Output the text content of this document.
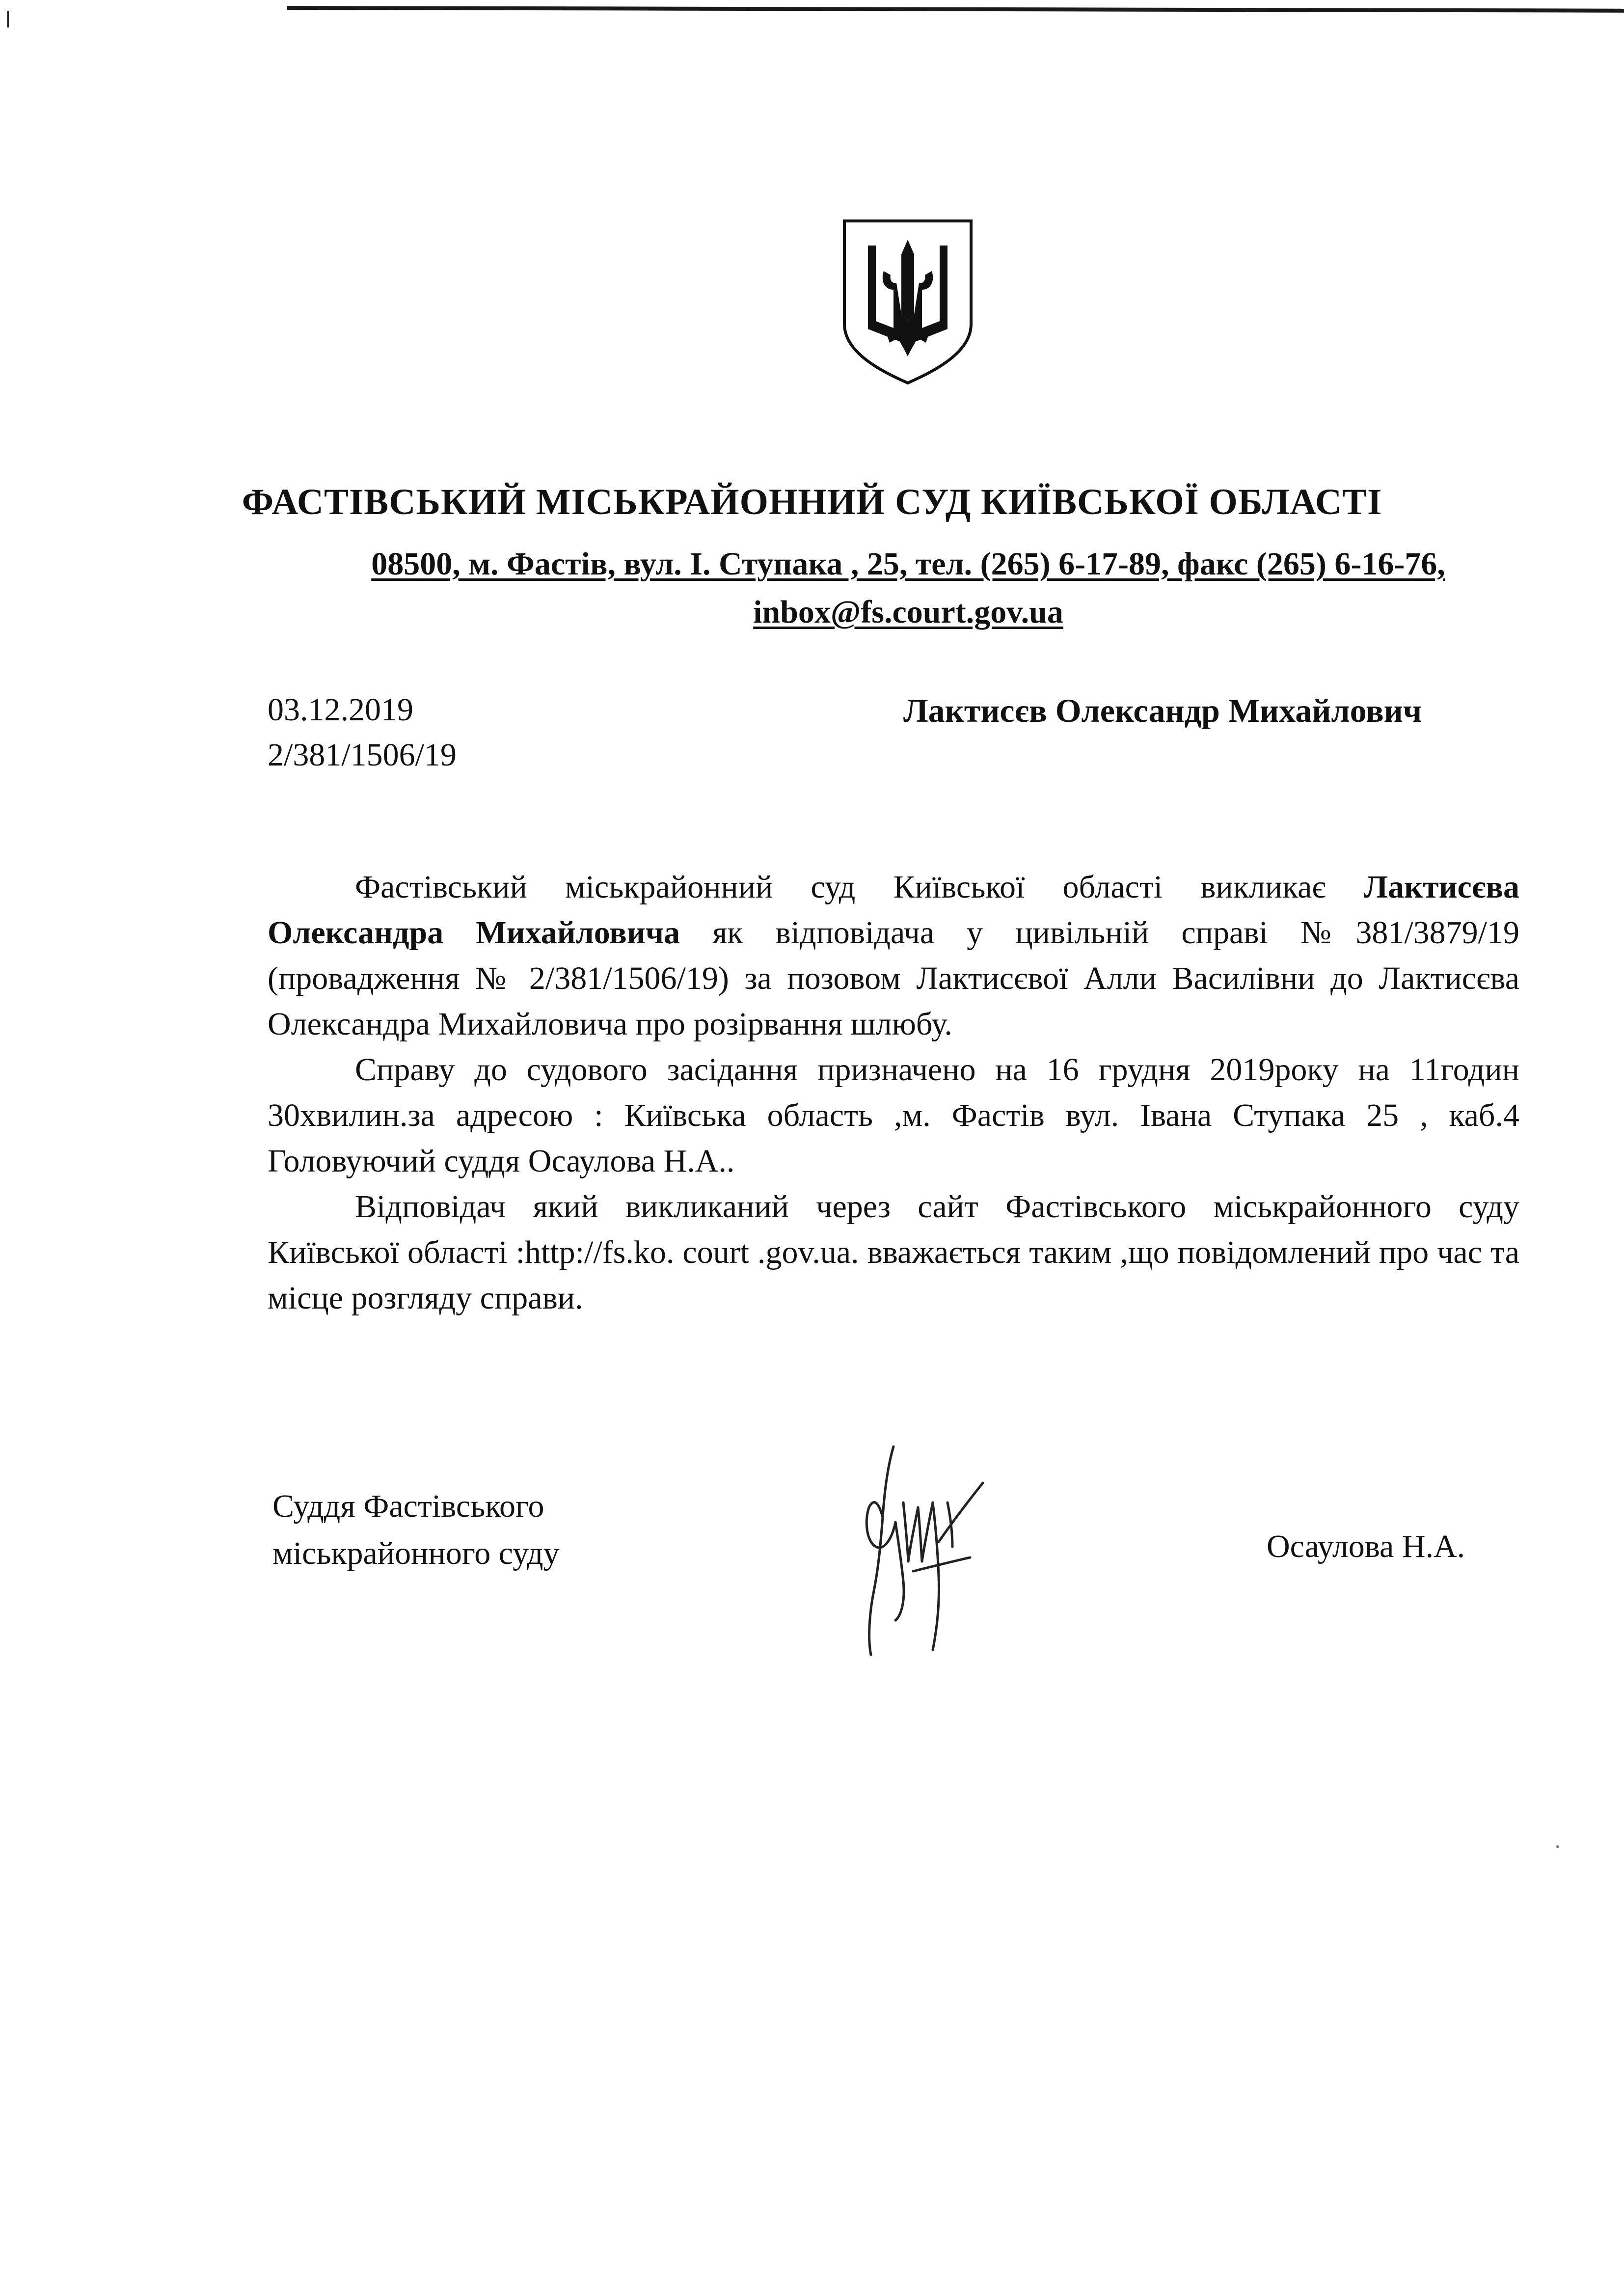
ФАСТІВСЬКИЙ МІСЬКРАЙОННИЙ СУД КИЇВСЬКОЇ ОБЛАСТІ
08500, м. Фастів, вул. І. Ступака , 25, тел. (265) 6-17-89, факс (265) 6-16-76, inbox@fs.court.gov.ua
03.12.2019
2/381/1506/19
Лактисєв Олександр Михайлович

Фастівський міськрайонний суд Київської області викликає Лактисєва Олександра Михайловича як відповідача у цивільній справі №381/3879/19 (провадження № 2/381/1506/19) за позовом Лактисєвої Алли Василівни до Лактисєва Олександра Михайловича про розірвання шлюбу.

Справу до судового засідання призначено на 16 грудня 2019року на 11годин 30хвилин.за адресою : Київська область ,м. Фастів вул. Івана Ступака 25 , каб.4 Головуючий суддя Осаулова Н.А..

Відповідач який викликаний через сайт Фастівського міськрайонного суду Київської області :http://fs.ko. court .gov.ua. вважається таким ,що повідомлений про час та місце розгляду справи.

Суддя Фастівського
міськрайонного суду	Осаулова Н.А.
